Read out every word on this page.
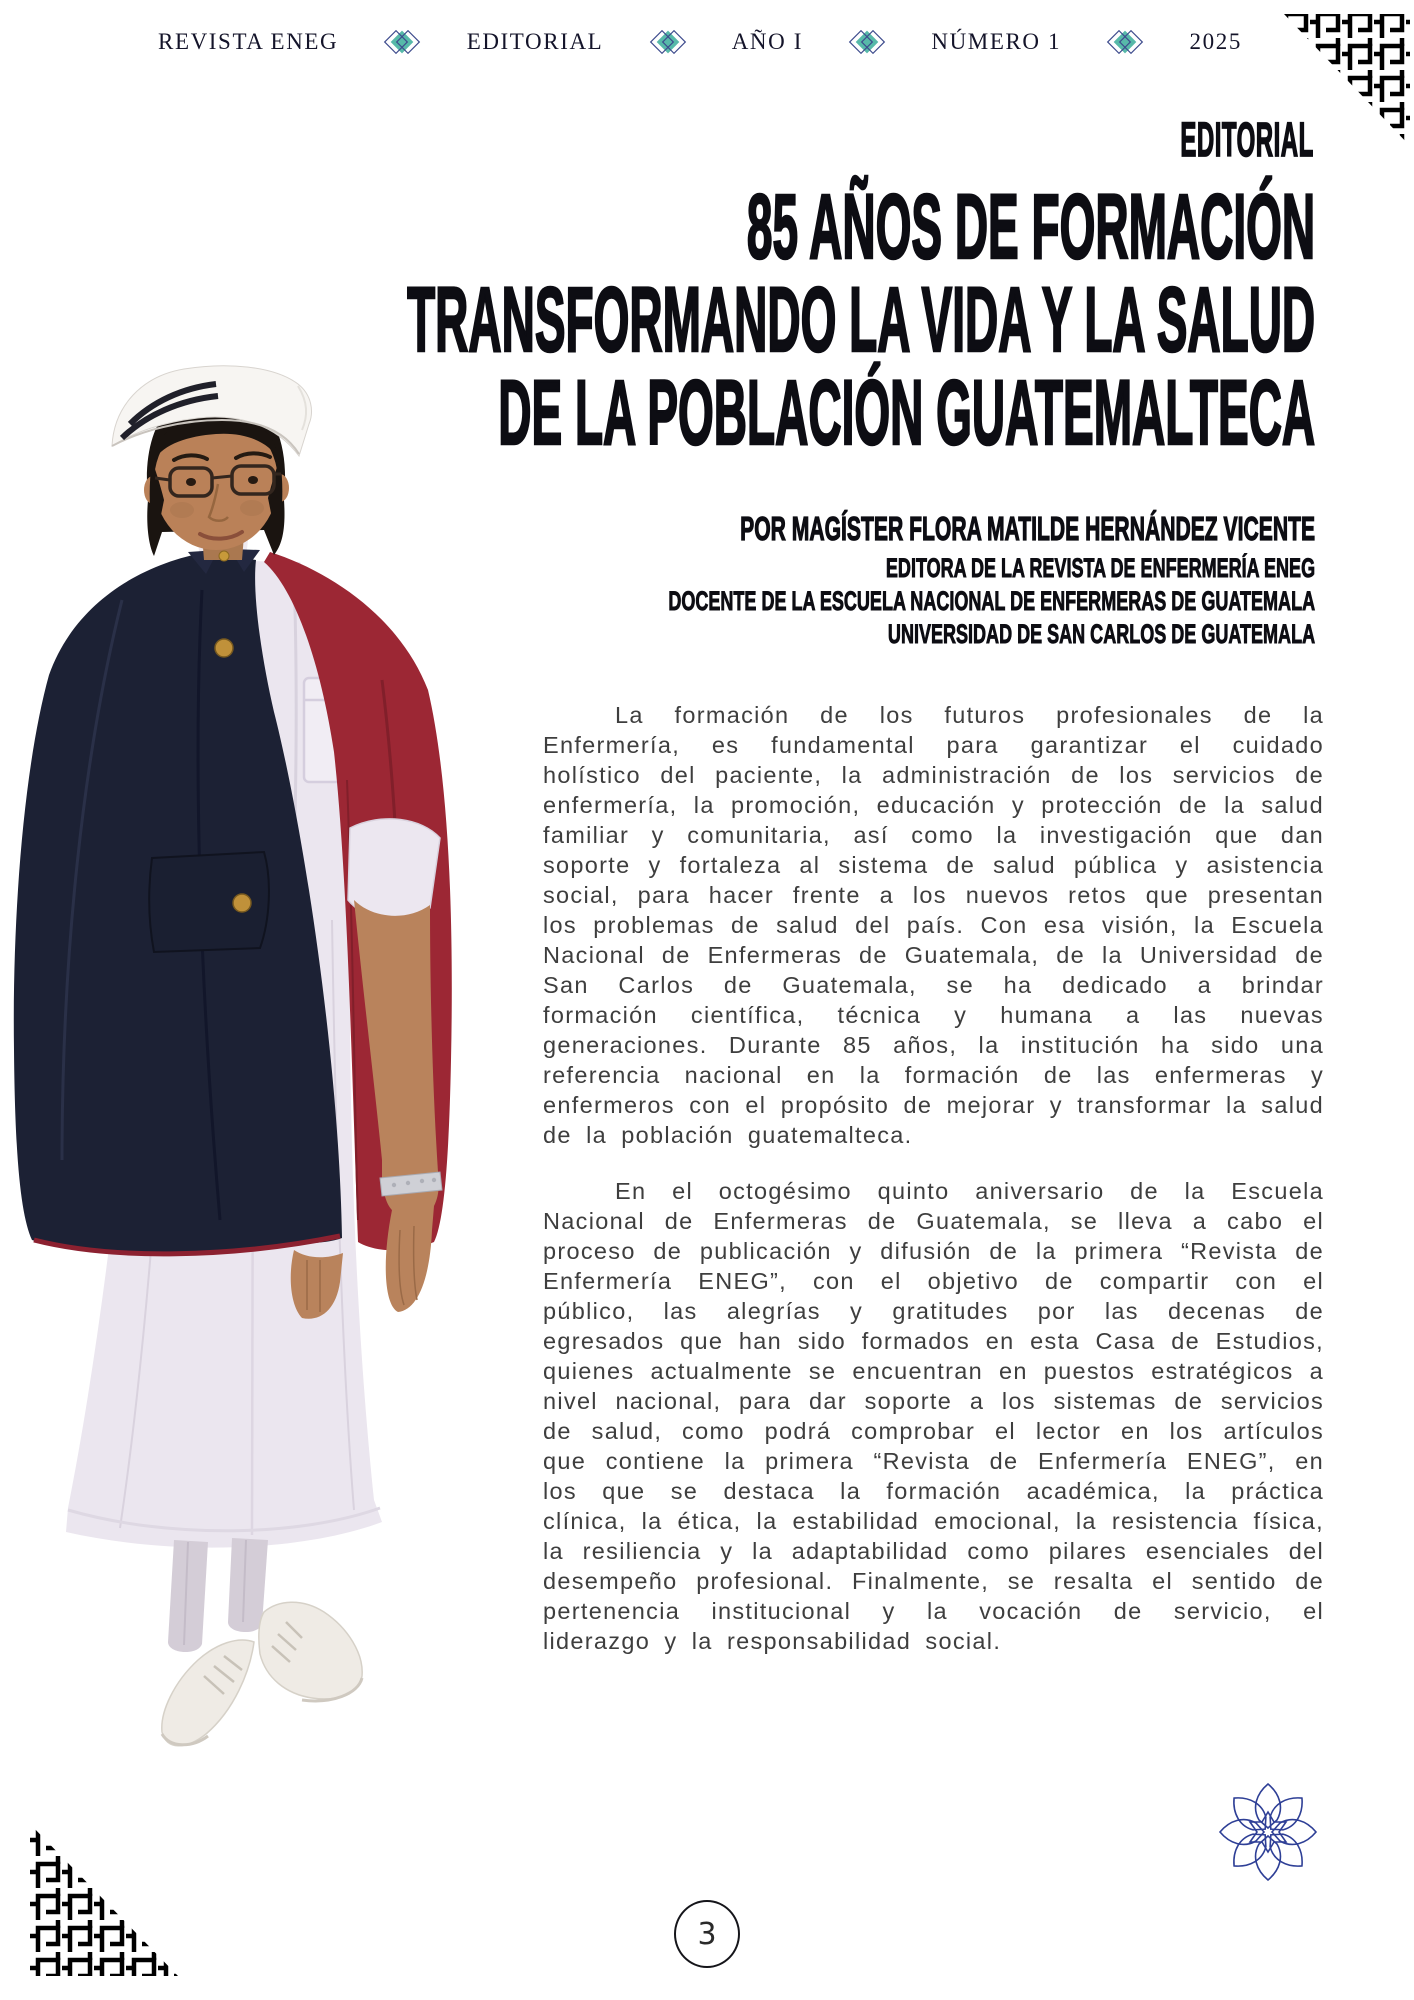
REVISTA ENEG	EDITORIAL	AÑO I	NÚMERO 1	2025
EDITORIAL
85 AÑOS DE FORMACIÓN
TRANSFORMANDO LA VIDA Y LA SALUD
DE LA POBLACIÓN GUATEMALTECA
POR MAGÍSTER FLORA MATILDE HERNÁNDEZ VICENTE
EDITORA DE LA REVISTA DE ENFERMERÍA ENEG
DOCENTE DE LA ESCUELA NACIONAL DE ENFERMERAS DE GUATEMALA
UNIVERSIDAD DE SAN CARLOS DE GUATEMALA

La formación de los futuros profesionales de la Enfermería, es fundamental para garantizar el cuidado holístico del paciente, la administración de los servicios de enfermería, la promoción, educación y protección de la salud familiar y comunitaria, así como la investigación que dan soporte y fortaleza al sistema de salud pública y asistencia social, para hacer frente a los nuevos retos que presentan los problemas de salud del país. Con esa visión, la Escuela Nacional de Enfermeras de Guatemala, de la Universidad de San Carlos de Guatemala, se ha dedicado a brindar formación científica, técnica y humana a las nuevas generaciones. Durante 85 años, la institución ha sido una referencia nacional en la formación de las enfermeras y enfermeros con el propósito de mejorar y transformar la salud de la población guatemalteca.

En el octogésimo quinto aniversario de la Escuela Nacional de Enfermeras de Guatemala, se lleva a cabo el proceso de publicación y difusión de la primera “Revista de Enfermería ENEG”, con el objetivo de compartir con el público, las alegrías y gratitudes por las decenas de egresados que han sido formados en esta Casa de Estudios, quienes actualmente se encuentran en puestos estratégicos a nivel nacional, para dar soporte a los sistemas de servicios de salud, como podrá comprobar el lector en los artículos que contiene la primera “Revista de Enfermería ENEG”, en los que se destaca la formación académica, la práctica clínica, la ética, la estabilidad emocional, la resistencia física, la resiliencia y la adaptabilidad como pilares esenciales del desempeño profesional. Finalmente, se resalta el sentido de pertenencia institucional y la vocación de servicio, el liderazgo y la responsabilidad social.

3
